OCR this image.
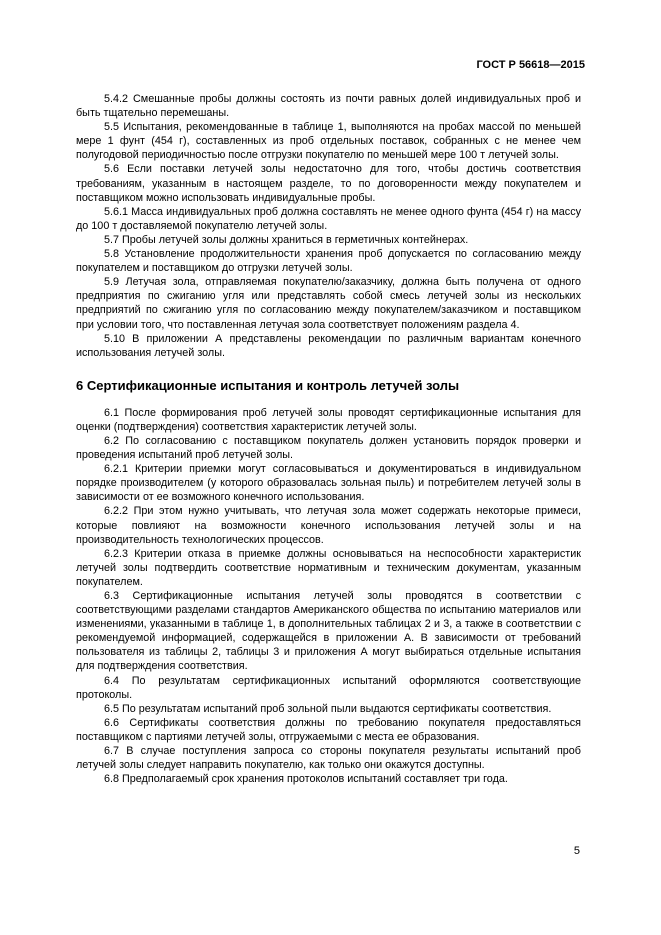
ГОСТ Р 56618—2015

5.4.2 Смешанные пробы должны состоять из почти равных долей индивидуальных проб и быть тщательно перемешаны.

5.5 Испытания, рекомендованные в таблице 1, выполняются на пробах массой по меньшей мере 1 фунт (454 г), составленных из проб отдельных поставок, собранных с не менее чем полугодовой периодичностью после отгрузки покупателю по меньшей мере 100 т летучей золы.

5.6 Если поставки летучей золы недостаточно для того, чтобы достичь соответствия требованиям, указанным в настоящем разделе, то по договоренности между покупателем и поставщиком можно использовать индивидуальные пробы.

5.6.1 Масса индивидуальных проб должна составлять не менее одного фунта (454 г) на массу до 100 т доставляемой покупателю летучей золы.

5.7 Пробы летучей золы должны храниться в герметичных контейнерах.

5.8 Установление продолжительности хранения проб допускается по согласованию между покупателем и поставщиком до отгрузки летучей золы.

5.9 Летучая зола, отправляемая покупателю/заказчику, должна быть получена от одного предприятия по сжиганию угля или представлять собой смесь летучей золы из нескольких предприятий по сжиганию угля по согласованию между покупателем/заказчиком и поставщиком при условии того, что поставленная летучая зола соответствует положениям раздела 4.

5.10 В приложении А представлены рекомендации по различным вариантам конечного использования летучей золы.

6 Сертификационные испытания и контроль летучей золы

6.1 После формирования проб летучей золы проводят сертификационные испытания для оценки (подтверждения) соответствия характеристик летучей золы.

6.2 По согласованию с поставщиком покупатель должен установить порядок проверки и проведения испытаний проб летучей золы.

6.2.1 Критерии приемки могут согласовываться и документироваться в индивидуальном порядке производителем (у которого образовалась зольная пыль) и потребителем летучей золы в зависимости от ее возможного конечного использования.

6.2.2 При этом нужно учитывать, что летучая зола может содержать некоторые примеси, которые повлияют на возможности конечного использования летучей золы и на производительность технологических процессов.

6.2.3 Критерии отказа в приемке должны основываться на неспособности характеристик летучей золы подтвердить соответствие нормативным и техническим документам, указанным покупателем.

6.3 Сертификационные испытания летучей золы проводятся в соответствии с соответствующими разделами стандартов Американского общества по испытанию материалов или изменениями, указанными в таблице 1, в дополнительных таблицах 2 и 3, а также в соответствии с рекомендуемой информацией, содержащейся в приложении А. В зависимости от требований пользователя из таблицы 2, таблицы 3 и приложения А могут выбираться отдельные испытания для подтверждения соответствия.

6.4 По результатам сертификационных испытаний оформляются соответствующие протоколы.

6.5 По результатам испытаний проб зольной пыли выдаются сертификаты соответствия.

6.6 Сертификаты соответствия должны по требованию покупателя предоставляться поставщиком с партиями летучей золы, отгружаемыми с места ее образования.

6.7 В случае поступления запроса со стороны покупателя результаты испытаний проб летучей золы следует направить покупателю, как только они окажутся доступны.

6.8 Предполагаемый срок хранения протоколов испытаний составляет три года.

5
